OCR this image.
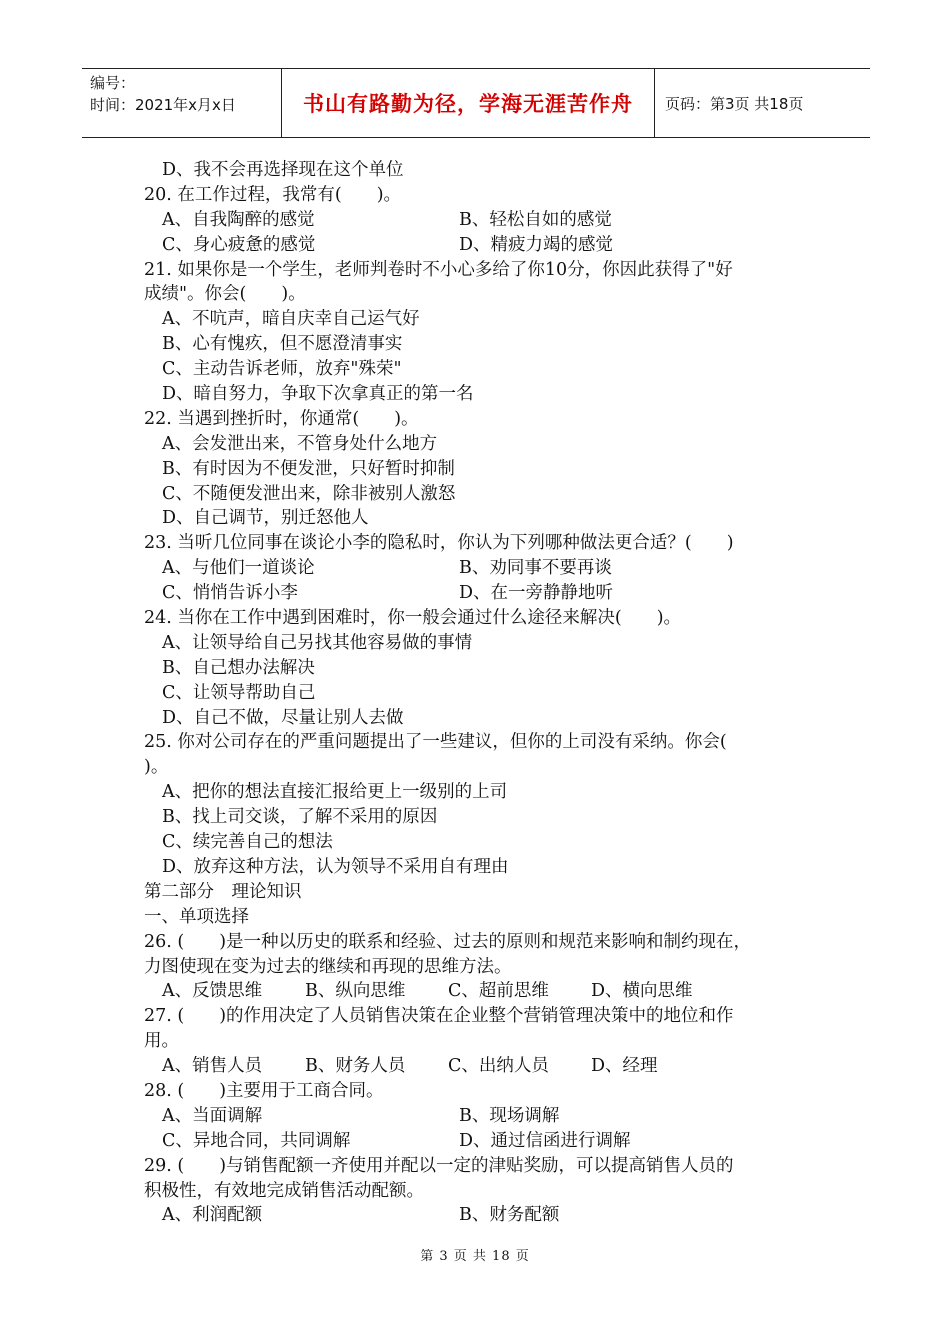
编号：
时间：2021年x月x日	书山有路勤为径，学海无涯苦作舟	页码：第3页 共18页
D、我不会再选择现在这个单位
20. 在工作过程，我常有(　　)。
A、自我陶醉的感觉	B、轻松自如的感觉
C、身心疲惫的感觉	D、精疲力竭的感觉
21. 如果你是一个学生，老师判卷时不小心多给了你10分，你因此获得了"好
成绩"。你会(　　)。
A、不吭声，暗自庆幸自己运气好
B、心有愧疚，但不愿澄清事实
C、主动告诉老师，放弃"殊荣"
D、暗自努力，争取下次拿真正的第一名
22. 当遇到挫折时，你通常(　　)。
A、会发泄出来，不管身处什么地方
B、有时因为不便发泄，只好暂时抑制
C、不随便发泄出来，除非被别人激怒
D、自己调节，别迁怒他人
23. 当听几位同事在谈论小李的隐私时，你认为下列哪种做法更合适？(　　)
A、与他们一道谈论	B、劝同事不要再谈
C、悄悄告诉小李	D、在一旁静静地听
24. 当你在工作中遇到困难时，你一般会通过什么途径来解决(　　)。
A、让领导给自己另找其他容易做的事情
B、自己想办法解决
C、让领导帮助自己
D、自己不做，尽量让别人去做
25. 你对公司存在的严重问题提出了一些建议，但你的上司没有采纳。你会(
)。
A、把你的想法直接汇报给更上一级别的上司
B、找上司交谈，了解不采用的原因
C、续完善自己的想法
D、放弃这种方法，认为领导不采用自有理由
第二部分　理论知识
一、单项选择
26. (　　)是一种以历史的联系和经验、过去的原则和规范来影响和制约现在，
力图使现在变为过去的继续和再现的思维方法。
A、反馈思维	B、纵向思维	C、超前思维	D、横向思维
27. (　　)的作用决定了人员销售决策在企业整个营销管理决策中的地位和作
用。
A、销售人员	B、财务人员	C、出纳人员	D、经理
28. (　　)主要用于工商合同。
A、当面调解	B、现场调解
C、异地合同，共同调解	D、通过信函进行调解
29. (　　)与销售配额一齐使用并配以一定的津贴奖励，可以提高销售人员的
积极性，有效地完成销售活动配额。
A、利润配额	B、财务配额
第 3 页 共 18 页
